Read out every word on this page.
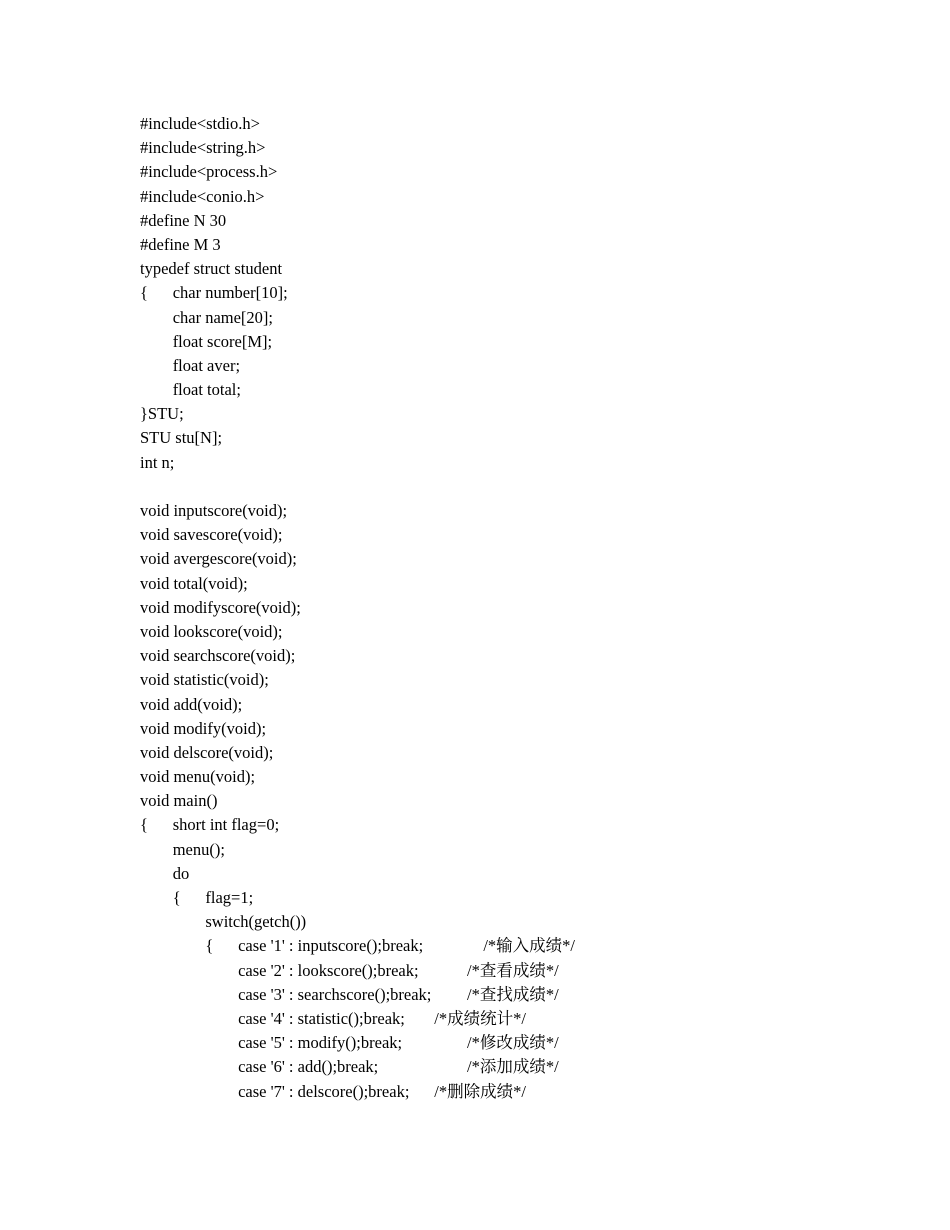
#include<stdio.h>
#include<string.h>
#include<process.h>
#include<conio.h>
#define N 30
#define M 3
typedef struct student
{ char number[10];
char name[20];
float score[M];
float aver;
float total;
}STU;
STU stu[N];
int n;
void inputscore(void);
void savescore(void);
void avergescore(void);
void total(void);
void modifyscore(void);
void lookscore(void);
void searchscore(void);
void statistic(void);
void add(void);
void modify(void);
void delscore(void);
void menu(void);
void main()
{ short int flag=0;
menu();
do
{ flag=1;
switch(getch())
{ case '1' : inputscore();break;	/*输入成绩*/
case '2' : lookscore();break;	/*查看成绩*/
case '3' : searchscore();break; /*查找成绩*/
case '4' : statistic();break; /*成绩统计*/
case '5' : modify();break;	/*修改成绩*/
case '6' : add();break;	/*添加成绩*/
case '7' : delscore();break; /*删除成绩*/
